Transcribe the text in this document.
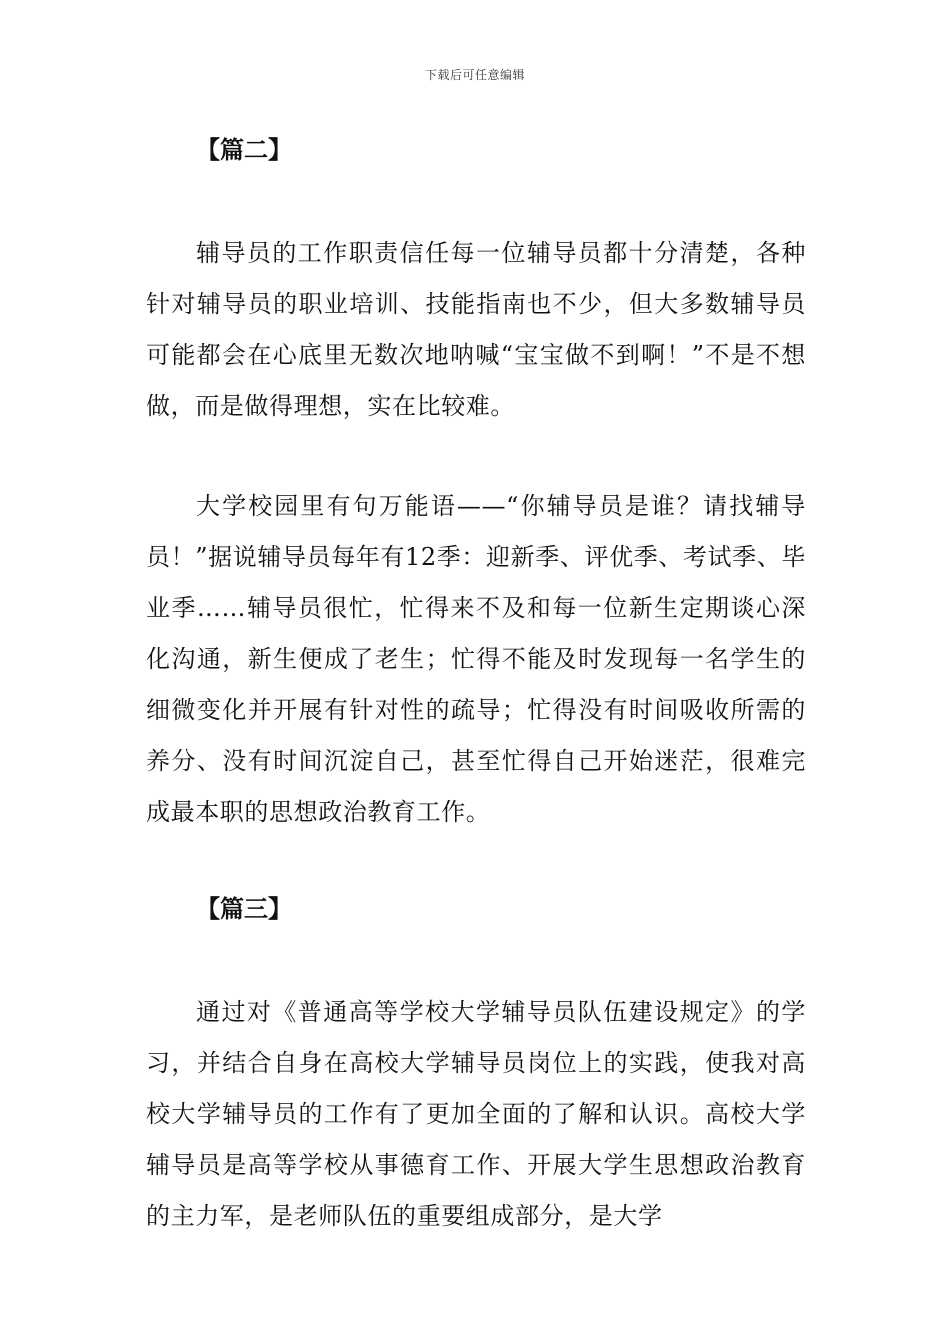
下载后可任意编辑
【篇二】

辅导员的工作职责信任每一位辅导员都十分清楚，各种针对辅导员的职业培训、技能指南也不少，但大多数辅导员可能都会在心底里无数次地呐喊“宝宝做不到啊！”不是不想做，而是做得理想，实在比较难。

大学校园里有句万能语——“你辅导员是谁？请找辅导员！”据说辅导员每年有12季：迎新季、评优季、考试季、毕业季……辅导员很忙，忙得来不及和每一位新生定期谈心深化沟通，新生便成了老生；忙得不能及时发现每一名学生的细微变化并开展有针对性的疏导；忙得没有时间吸收所需的养分、没有时间沉淀自己，甚至忙得自己开始迷茫，很难完成最本职的思想政治教育工作。

【篇三】

通过对《普通高等学校大学辅导员队伍建设规定》的学习，并结合自身在高校大学辅导员岗位上的实践，使我对高校大学辅导员的工作有了更加全面的了解和认识。高校大学辅导员是高等学校从事德育工作、开展大学生思想政治教育的主力军，是老师队伍的重要组成部分，是大学
